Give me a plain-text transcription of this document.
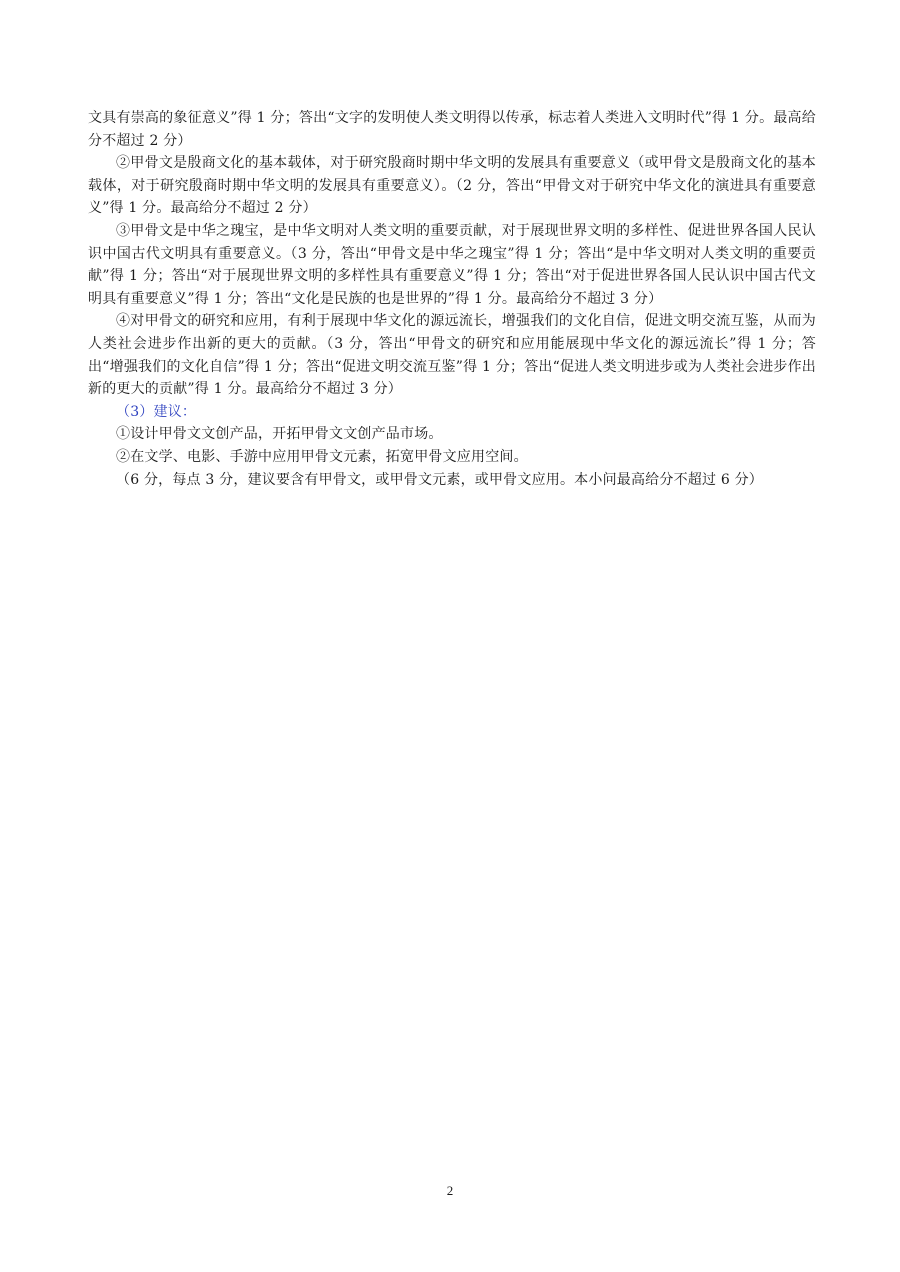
文具有崇高的象征意义”得 1 分；答出“文字的发明使人类文明得以传承，标志着人类进入文明时代”得 1 分。最高给分不超过 2 分）

②甲骨文是殷商文化的基本载体，对于研究殷商时期中华文明的发展具有重要意义（或甲骨文是殷商文化的基本载体，对于研究殷商时期中华文明的发展具有重要意义）。（2 分，答出“甲骨文对于研究中华文化的演进具有重要意义”得 1 分。最高给分不超过 2 分）

③甲骨文是中华之瑰宝，是中华文明对人类文明的重要贡献，对于展现世界文明的多样性、促进世界各国人民认识中国古代文明具有重要意义。（3 分，答出“甲骨文是中华之瑰宝”得 1 分；答出“是中华文明对人类文明的重要贡献”得 1 分；答出“对于展现世界文明的多样性具有重要意义”得 1 分；答出“对于促进世界各国人民认识中国古代文明具有重要意义”得 1 分；答出“文化是民族的也是世界的”得 1 分。最高给分不超过 3 分）

④对甲骨文的研究和应用，有利于展现中华文化的源远流长，增强我们的文化自信，促进文明交流互鉴，从而为人类社会进步作出新的更大的贡献。（3 分，答出“甲骨文的研究和应用能展现中华文化的源远流长”得 1 分；答出“增强我们的文化自信”得 1 分；答出“促进文明交流互鉴”得 1 分；答出“促进人类文明进步或为人类社会进步作出新的更大的贡献”得 1 分。最高给分不超过 3 分）

（3）建议：

①设计甲骨文文创产品，开拓甲骨文文创产品市场。

②在文学、电影、手游中应用甲骨文元素，拓宽甲骨文应用空间。

（6 分，每点 3 分，建议要含有甲骨文，或甲骨文元素，或甲骨文应用。本小问最高给分不超过 6 分）

2
